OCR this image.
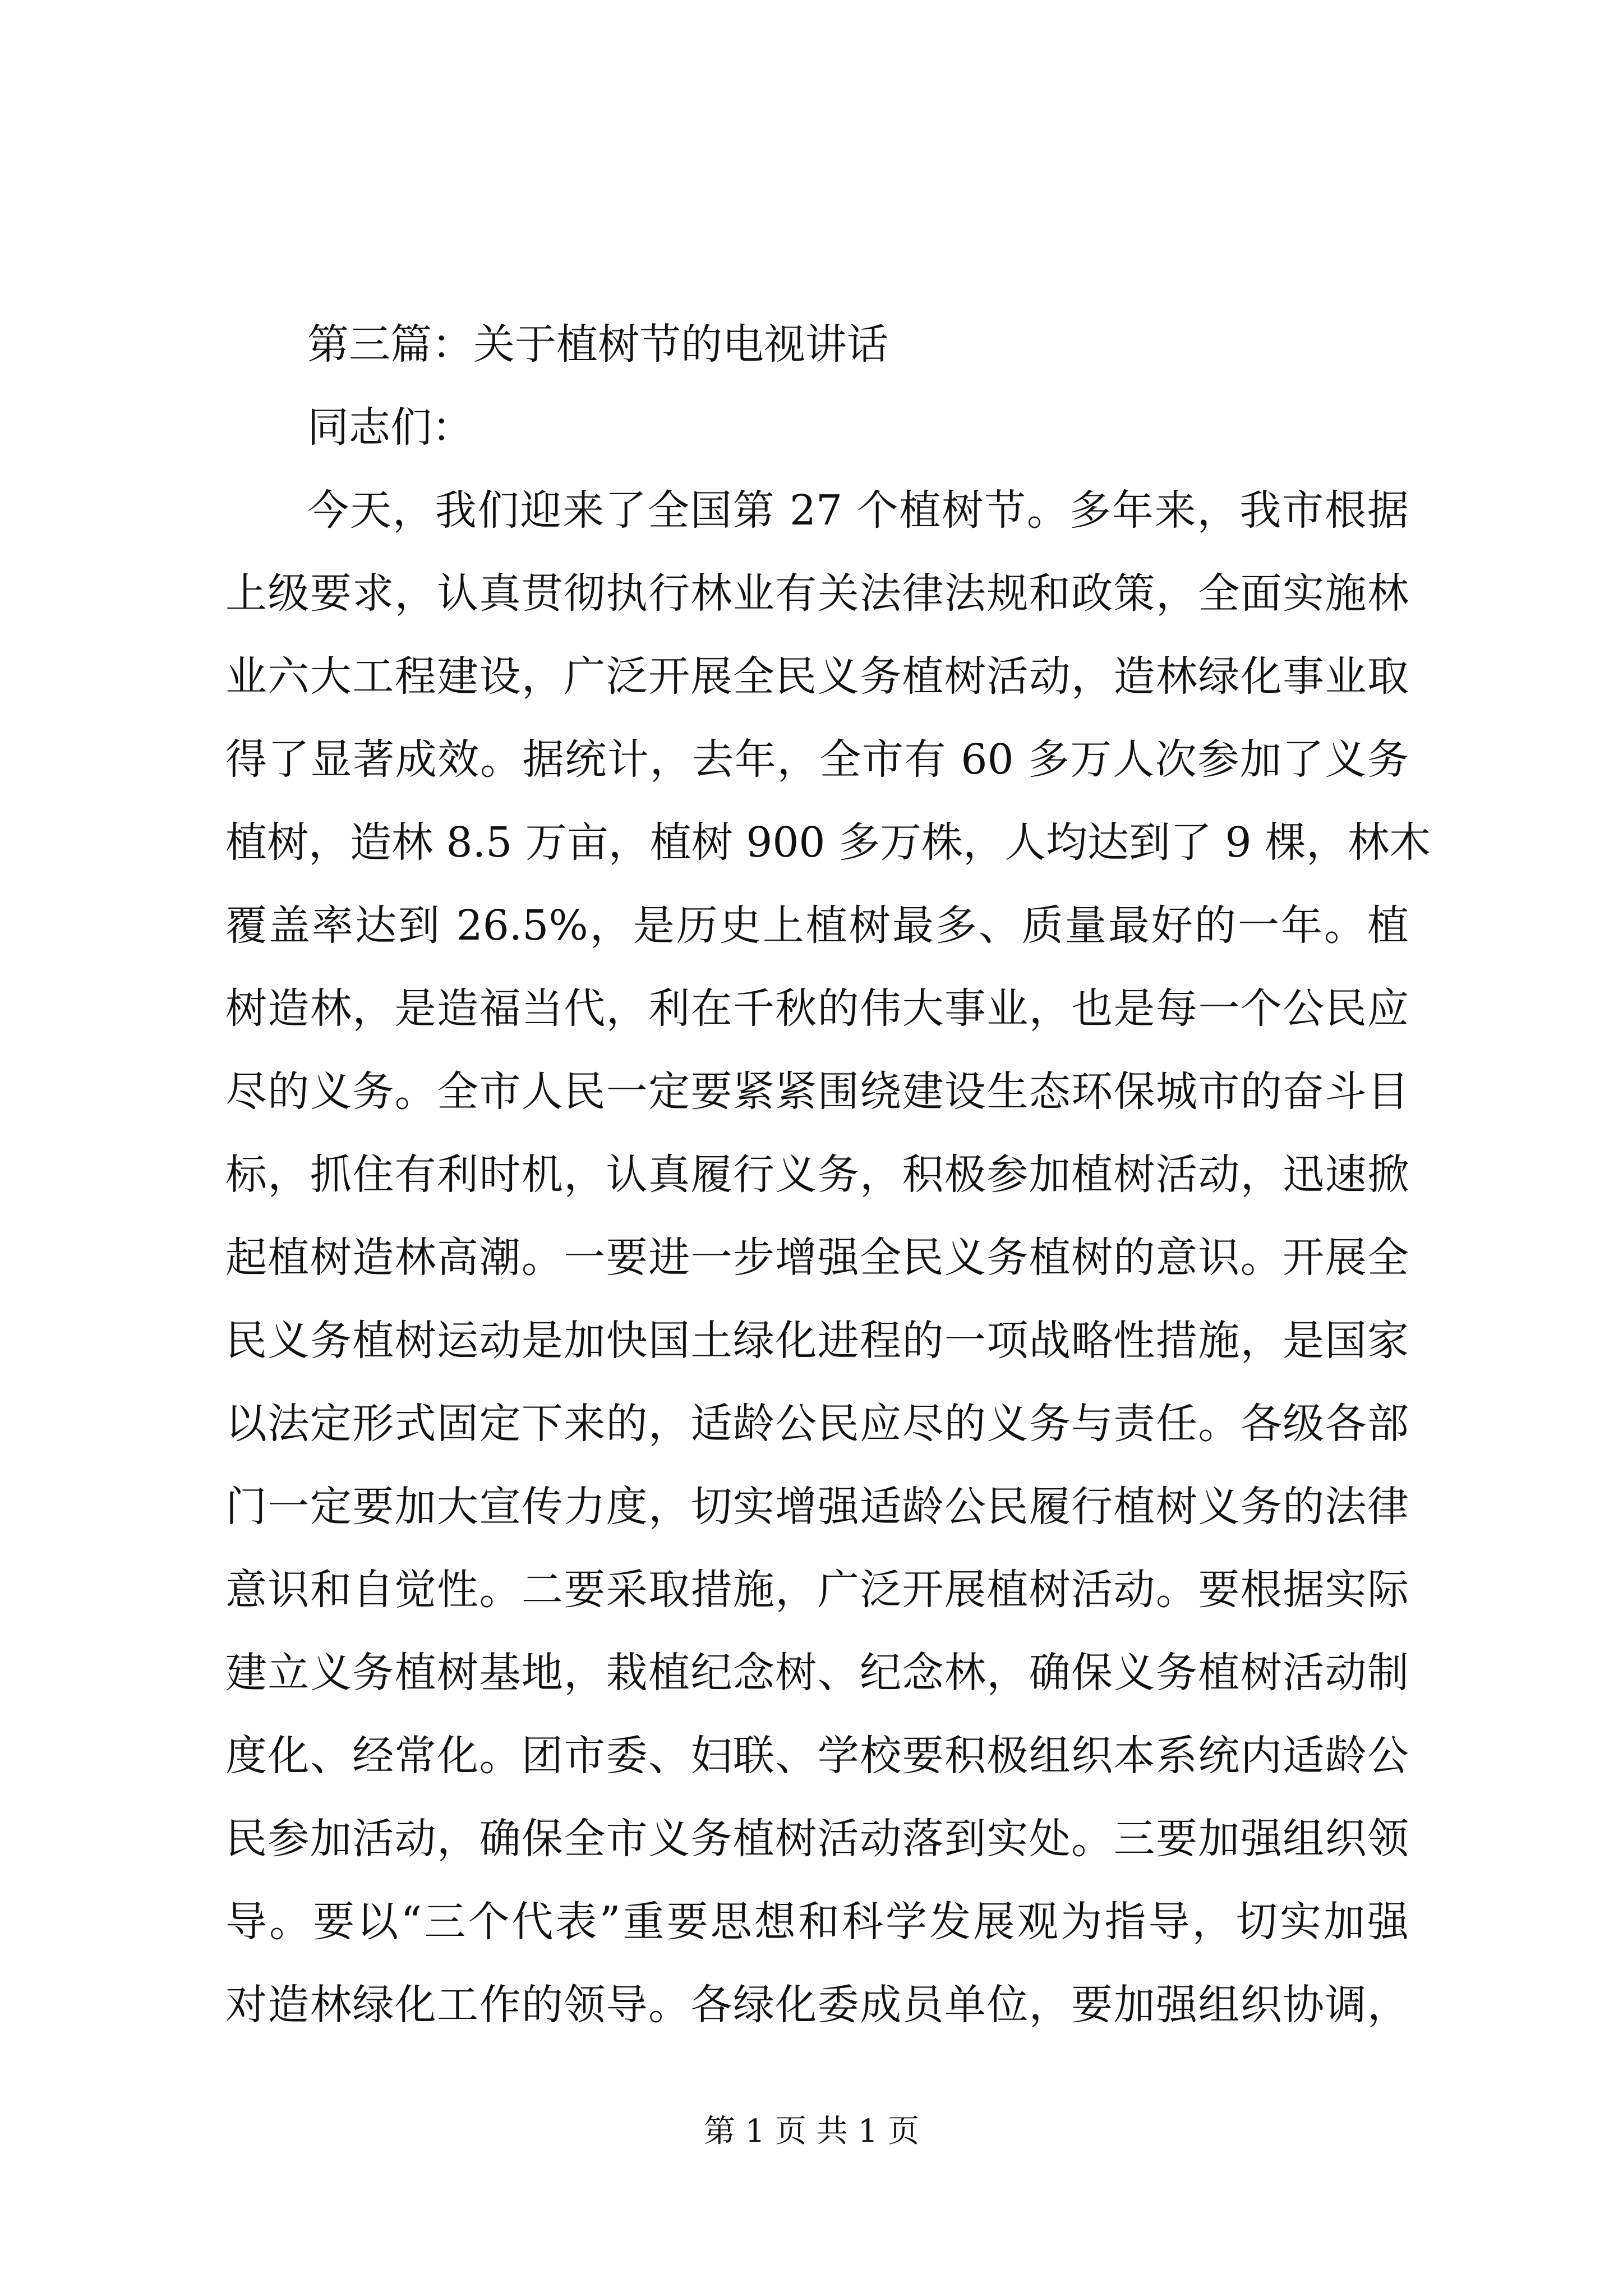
第三篇：关于植树节的电视讲话
同志们：
今天，我们迎来了全国第 27 个植树节。多年来，我市根据
上级要求，认真贯彻执行林业有关法律法规和政策，全面实施林
业六大工程建设，广泛开展全民义务植树活动，造林绿化事业取
得了显著成效。据统计，去年，全市有 60 多万人次参加了义务
植树，造林 8.5 万亩，植树 900 多万株，人均达到了 9 棵，林木
覆盖率达到 26.5%，是历史上植树最多、质量最好的一年。植
树造林，是造福当代，利在千秋的伟大事业，也是每一个公民应
尽的义务。全市人民一定要紧紧围绕建设生态环保城市的奋斗目
标，抓住有利时机，认真履行义务，积极参加植树活动，迅速掀
起植树造林高潮。一要进一步增强全民义务植树的意识。开展全
民义务植树运动是加快国土绿化进程的一项战略性措施，是国家
以法定形式固定下来的，适龄公民应尽的义务与责任。各级各部
门一定要加大宣传力度，切实增强适龄公民履行植树义务的法律
意识和自觉性。二要采取措施，广泛开展植树活动。要根据实际
建立义务植树基地，栽植纪念树、纪念林，确保义务植树活动制
度化、经常化。团市委、妇联、学校要积极组织本系统内适龄公
民参加活动，确保全市义务植树活动落到实处。三要加强组织领
导。要以“三个代表”重要思想和科学发展观为指导，切实加强
对造林绿化工作的领导。各绿化委成员单位，要加强组织协调，
第 1 页 共 1 页
